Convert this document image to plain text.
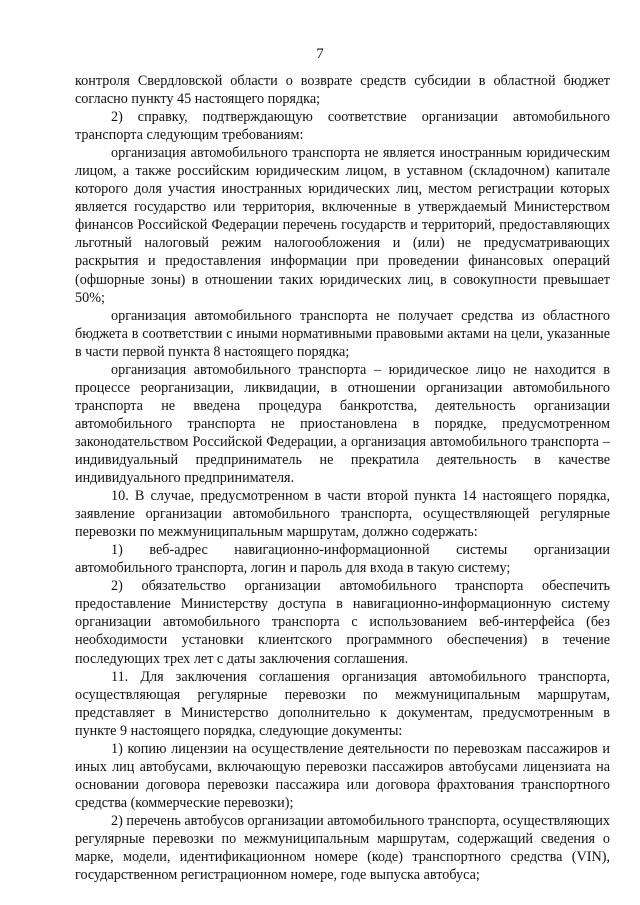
7

контроля Свердловской области о возврате средств субсидии в областной бюджет согласно пункту 45 настоящего порядка;

2) справку, подтверждающую соответствие организации автомобильного транспорта следующим требованиям:

организация автомобильного транспорта не является иностранным юридическим лицом, а также российским юридическим лицом, в уставном (складочном) капитале которого доля участия иностранных юридических лиц, местом регистрации которых является государство или территория, включенные в утверждаемый Министерством финансов Российской Федерации перечень государств и территорий, предоставляющих льготный налоговый режим налогообложения и (или) не предусматривающих раскрытия и предоставления информации при проведении финансовых операций (офшорные зоны) в отношении таких юридических лиц, в совокупности превышает 50%;

организация автомобильного транспорта не получает средства из областного бюджета в соответствии с иными нормативными правовыми актами на цели, указанные в части первой пункта 8 настоящего порядка;

организация автомобильного транспорта – юридическое лицо не находится в процессе реорганизации, ликвидации, в отношении организации автомобильного транспорта не введена процедура банкротства, деятельность организации автомобильного транспорта не приостановлена в порядке, предусмотренном законодательством Российской Федерации, а организация автомобильного транспорта – индивидуальный предприниматель не прекратила деятельность в качестве индивидуального предпринимателя.

10. В случае, предусмотренном в части второй пункта 14 настоящего порядка, заявление организации автомобильного транспорта, осуществляющей регулярные перевозки по межмуниципальным маршрутам, должно содержать:

1) веб-адрес навигационно-информационной системы организации автомобильного транспорта, логин и пароль для входа в такую систему;

2) обязательство организации автомобильного транспорта обеспечить предоставление Министерству доступа в навигационно-информационную систему организации автомобильного транспорта с использованием веб-интерфейса (без необходимости установки клиентского программного обеспечения) в течение последующих трех лет с даты заключения соглашения.

11. Для заключения соглашения организация автомобильного транспорта, осуществляющая регулярные перевозки по межмуниципальным маршрутам, представляет в Министерство дополнительно к документам, предусмотренным в пункте 9 настоящего порядка, следующие документы:

1) копию лицензии на осуществление деятельности по перевозкам пассажиров и иных лиц автобусами, включающую перевозки пассажиров автобусами лицензиата на основании договора перевозки пассажира или договора фрахтования транспортного средства (коммерческие перевозки);

2) перечень автобусов организации автомобильного транспорта, осуществляющих регулярные перевозки по межмуниципальным маршрутам, содержащий сведения о марке, модели, идентификационном номере (коде) транспортного средства (VIN), государственном регистрационном номере, годе выпуска автобуса;
